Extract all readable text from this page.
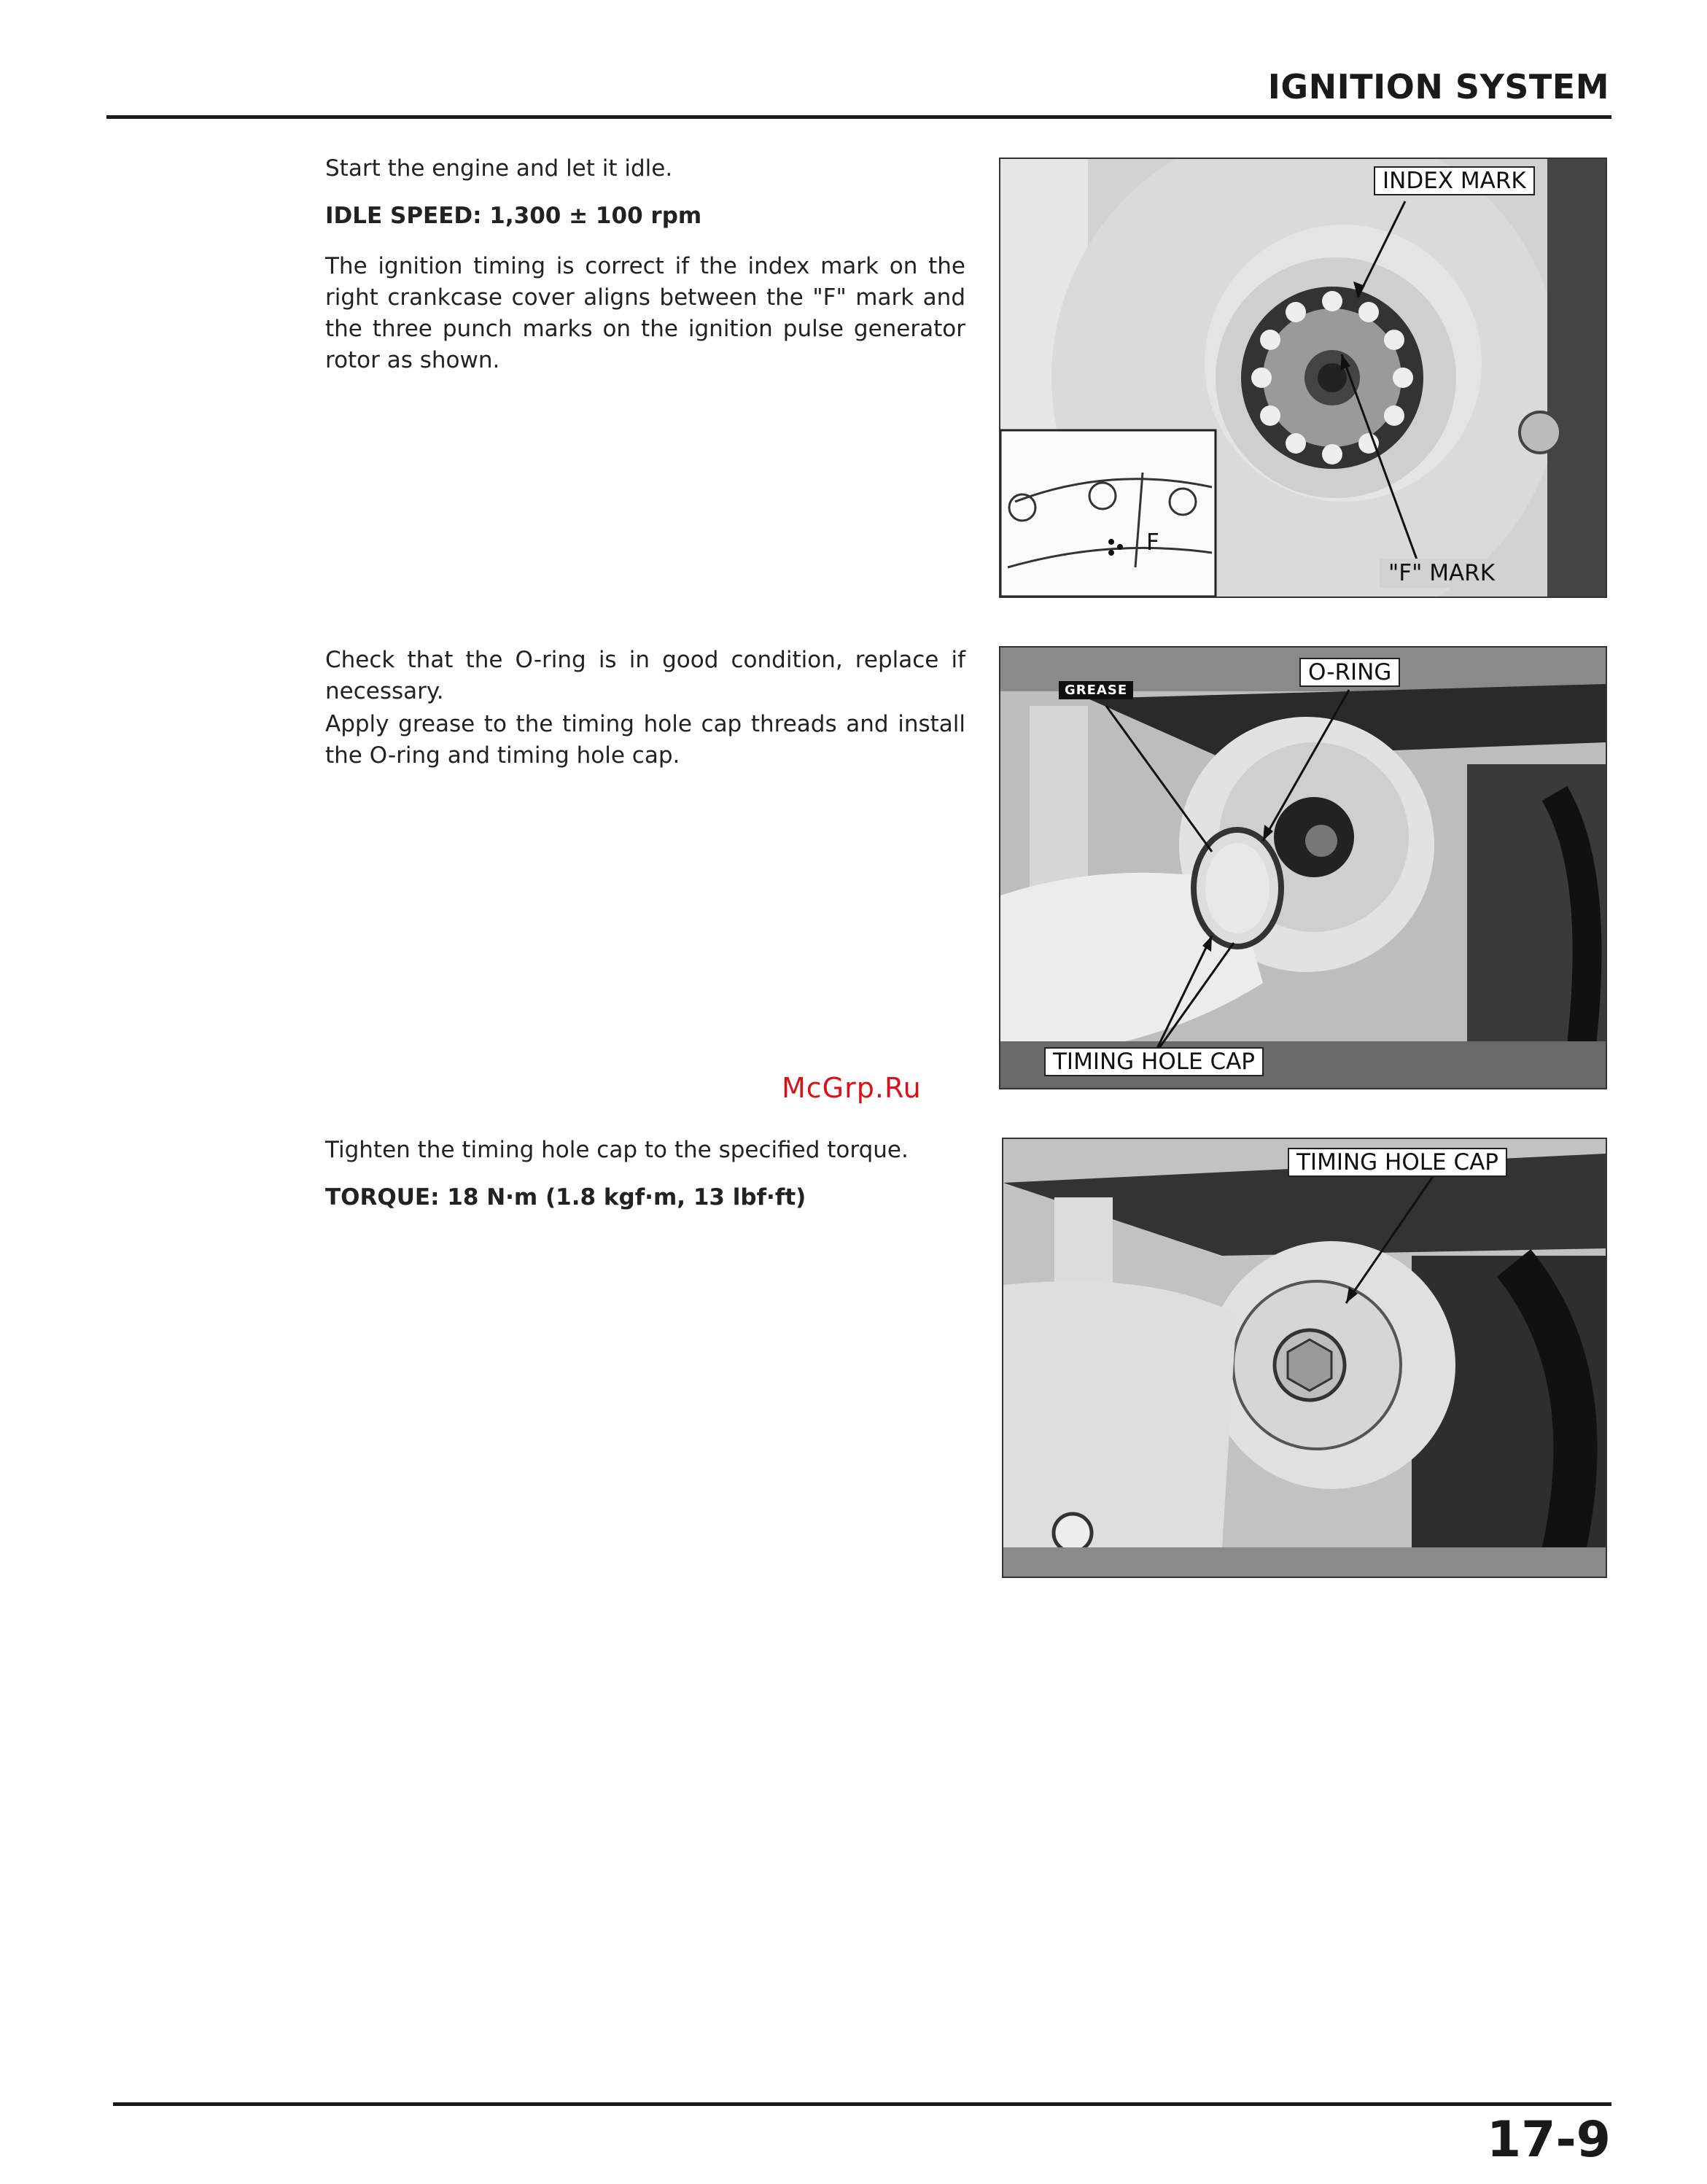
IGNITION SYSTEM

Start the engine and let it idle.

IDLE SPEED: 1,300 ± 100 rpm

The ignition timing is correct if the index mark on the right crankcase cover aligns between the "F" mark and the three punch marks on the ignition pulse generator rotor as shown.

F
INDEX MARK
"F" MARK

Check that the O-ring is in good condition, replace if necessary.

Apply grease to the timing hole cap threads and install the O-ring and timing hole cap.

GREASE
O-RING
TIMING HOLE CAP
McGrp.Ru

Tighten the timing hole cap to the specified torque.

TORQUE: 18 N·m (1.8 kgf·m, 13 lbf·ft)

TIMING HOLE CAP
17-9
